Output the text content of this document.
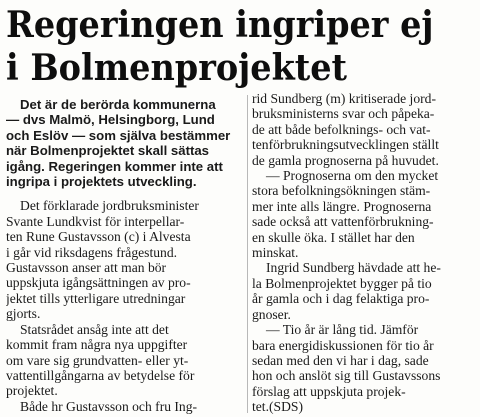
Regeringen ingriper ej
i Bolmenprojektet
Det är de berörda kommunerna
— dvs Malmö, Helsingborg, Lund
och Eslöv — som själva bestämmer
när Bolmenprojektet skall sättas
igång. Regeringen kommer inte att
ingripa i projektets utveckling.
Det förklarade jordbruksminister
Svante Lundkvist för interpellar-
ten Rune Gustavsson (c) i Alvesta
i går vid riksdagens frågestund.
Gustavsson anser att man bör
uppskjuta igångsättningen av pro-
jektet tills ytterligare utredningar
gjorts.
Statsrådet ansåg inte att det
kommit fram några nya uppgifter
om vare sig grundvatten- eller yt-
vattentillgångarna av betydelse för
projektet.
Både hr Gustavsson och fru Ing-
rid Sundberg (m) kritiserade jord-
bruksministerns svar och påpeka-
de att både befolknings- och vat-
tenförbrukningsutvecklingen ställt
de gamla prognoserna på huvudet.
— Prognoserna om den mycket
stora befolkningsökningen stäm-
mer inte alls längre. Prognoserna
sade också att vattenförbrukning-
en skulle öka. I stället har den
minskat.
Ingrid Sundberg hävdade att he-
la Bolmenprojektet bygger på tio
år gamla och i dag felaktiga pro-
gnoser.
— Tio år är lång tid. Jämför
bara energidiskussionen för tio år
sedan med den vi har i dag, sade
hon och anslöt sig till Gustavssons
förslag att uppskjuta projek-
tet.(SDS)
